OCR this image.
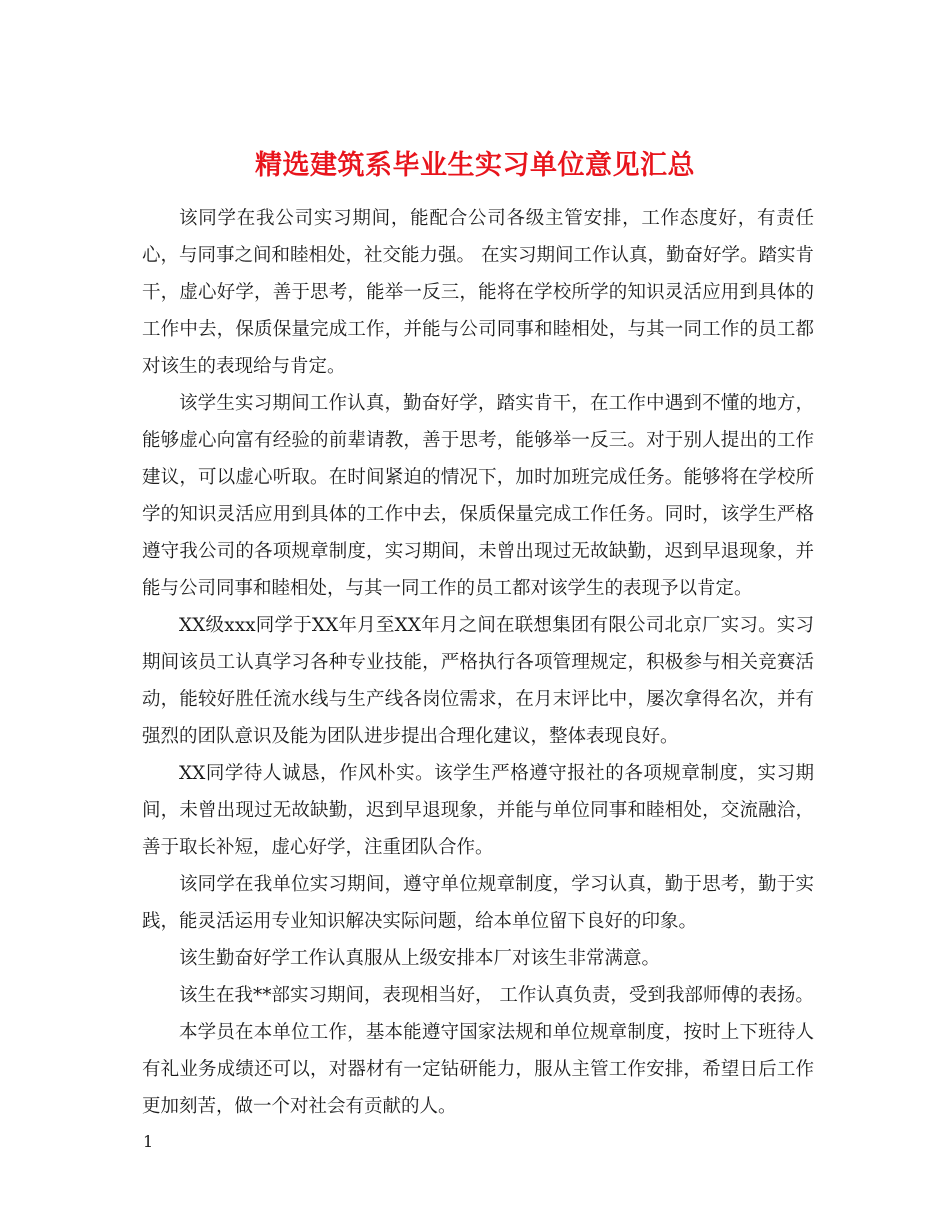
精选建筑系毕业生实习单位意见汇总

该同学在我公司实习期间，能配合公司各级主管安排，工作态度好，有责任心，与同事之间和睦相处，社交能力强。 在实习期间工作认真，勤奋好学。踏实肯干，虚心好学，善于思考，能举一反三，能将在学校所学的知识灵活应用到具体的工作中去，保质保量完成工作，并能与公司同事和睦相处，与其一同工作的员工都对该生的表现给与肯定。

该学生实习期间工作认真，勤奋好学，踏实肯干，在工作中遇到不懂的地方，能够虚心向富有经验的前辈请教，善于思考，能够举一反三。对于别人提出的工作建议，可以虚心听取。在时间紧迫的情况下，加时加班完成任务。能够将在学校所学的知识灵活应用到具体的工作中去，保质保量完成工作任务。同时，该学生严格遵守我公司的各项规章制度，实习期间，未曾出现过无故缺勤，迟到早退现象，并能与公司同事和睦相处，与其一同工作的员工都对该学生的表现予以肯定。

XX级xxx同学于XX年月至XX年月之间在联想集团有限公司北京厂实习。实习期间该员工认真学习各种专业技能，严格执行各项管理规定，积极参与相关竞赛活动，能较好胜任流水线与生产线各岗位需求，在月末评比中，屡次拿得名次，并有强烈的团队意识及能为团队进步提出合理化建议，整体表现良好。

XX同学待人诚恳，作风朴实。该学生严格遵守报社的各项规章制度，实习期间，未曾出现过无故缺勤，迟到早退现象，并能与单位同事和睦相处，交流融洽，善于取长补短，虚心好学，注重团队合作。

该同学在我单位实习期间，遵守单位规章制度，学习认真，勤于思考，勤于实践，能灵活运用专业知识解决实际问题，给本单位留下良好的印象。

该生勤奋好学工作认真服从上级安排本厂对该生非常满意。

该生在我**部实习期间，表现相当好， 工作认真负责，受到我部师傅的表扬。

本学员在本单位工作，基本能遵守国家法规和单位规章制度，按时上下班待人有礼业务成绩还可以，对器材有一定钻研能力，服从主管工作安排，希望日后工作更加刻苦，做一个对社会有贡献的人。

1
